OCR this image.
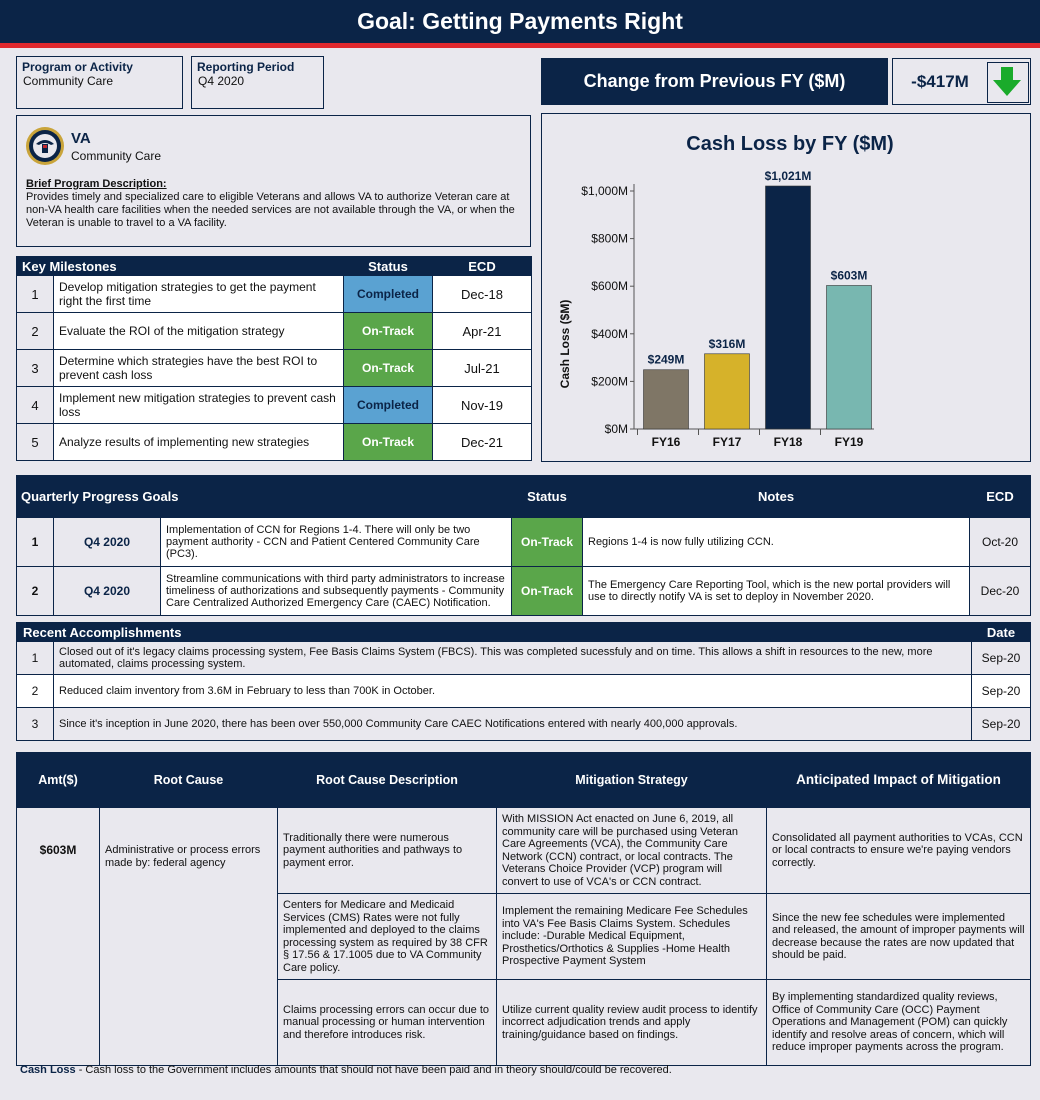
Goal: Getting Payments Right
Program or Activity
Community Care
Reporting Period
Q4 2020	Change from Previous FY ($M)	-$417M
VA
Community Care
Brief Program Description:
Provides timely and specialized care to eligible Veterans and allows VA to authorize Veteran care at non-VA health care facilities when the needed services are not available through the VA, or when the Veteran is unable to travel to a VA facility.
Key Milestones		Status	ECD
1	Develop mitigation strategies to get the payment right the first time	Completed	Dec-18
2	Evaluate the ROI of the mitigation strategy	On-Track	Apr-21
3	Determine which strategies have the best ROI to prevent cash loss	On-Track	Jul-21
4	Implement new mitigation strategies to prevent cash loss	Completed	Nov-19
5	Analyze results of implementing new strategies	On-Track	Dec-21
Cash Loss by FY ($M)
Cash Loss ($M)
$0M
$200M
$400M
$600M
$800M
$1,000M
$249M
FY16
$316M
FY17
$1,021M
FY18
$603M
FY19
Quarterly Progress Goals			Status	Notes	ECD
1	Q4 2020	Implementation of CCN for Regions 1-4. There will only be two payment authority - CCN and Patient Centered Community Care (PC3).	On-Track	Regions 1-4 is now fully utilizing CCN.	Oct-20
2	Q4 2020	Streamline communications with third party administrators to increase timeliness of authorizations and subsequently payments - Community Care Centralized Authorized Emergency Care (CAEC) Notification.	On-Track	The Emergency Care Reporting Tool, which is the new portal providers will use to directly notify VA is set to deploy in November 2020.	Dec-20
Recent Accomplishments		Date
1	Closed out of it's legacy claims processing system, Fee Basis Claims System (FBCS). This was completed sucessfuly and on time. This allows a shift in resources to the new, more automated, claims processing system.	Sep-20
2	Reduced claim inventory from 3.6M in February to less than 700K in October.	Sep-20
3	Since it's inception in June 2020, there has been over 550,000 Community Care CAEC Notifications entered with nearly 400,000 approvals.	Sep-20
Amt($)	Root Cause	Root Cause Description	Mitigation Strategy	Anticipated Impact of Mitigation
$603M	Administrative or process errors made by: federal agency	Traditionally there were numerous payment authorities and pathways to payment error.	With MISSION Act enacted on June 6, 2019, all community care will be purchased using Veteran Care Agreements (VCA), the Community Care Network (CCN) contract, or local contracts. The Veterans Choice Provider (VCP) program will convert to use of VCA's or CCN contract.	Consolidated all payment authorities to VCAs, CCN or local contracts to ensure we're paying vendors correctly.
		Centers for Medicare and Medicaid Services (CMS) Rates were not fully implemented and deployed to the claims processing system as required by 38 CFR § 17.56 & 17.1005 due to VA Community Care policy.	Implement the remaining Medicare Fee Schedules into VA's Fee Basis Claims System. Schedules include: -Durable Medical Equipment, Prosthetics/Orthotics & Supplies -Home Health Prospective Payment System	Since the new fee schedules were implemented and released, the amount of improper payments will decrease because the rates are now updated that should be paid.
		Claims processing errors can occur due to manual processing or human intervention and therefore introduces risk.	Utilize current quality review audit process to identify incorrect adjudication trends and apply training/guidance based on findings.	By implementing standardized quality reviews, Office of Community Care (OCC) Payment Operations and Management (POM) can quickly identify and resolve areas of concern, which will reduce improper payments across the program.
Cash Loss - Cash loss to the Government includes amounts that should not have been paid and in theory should/could be recovered.
